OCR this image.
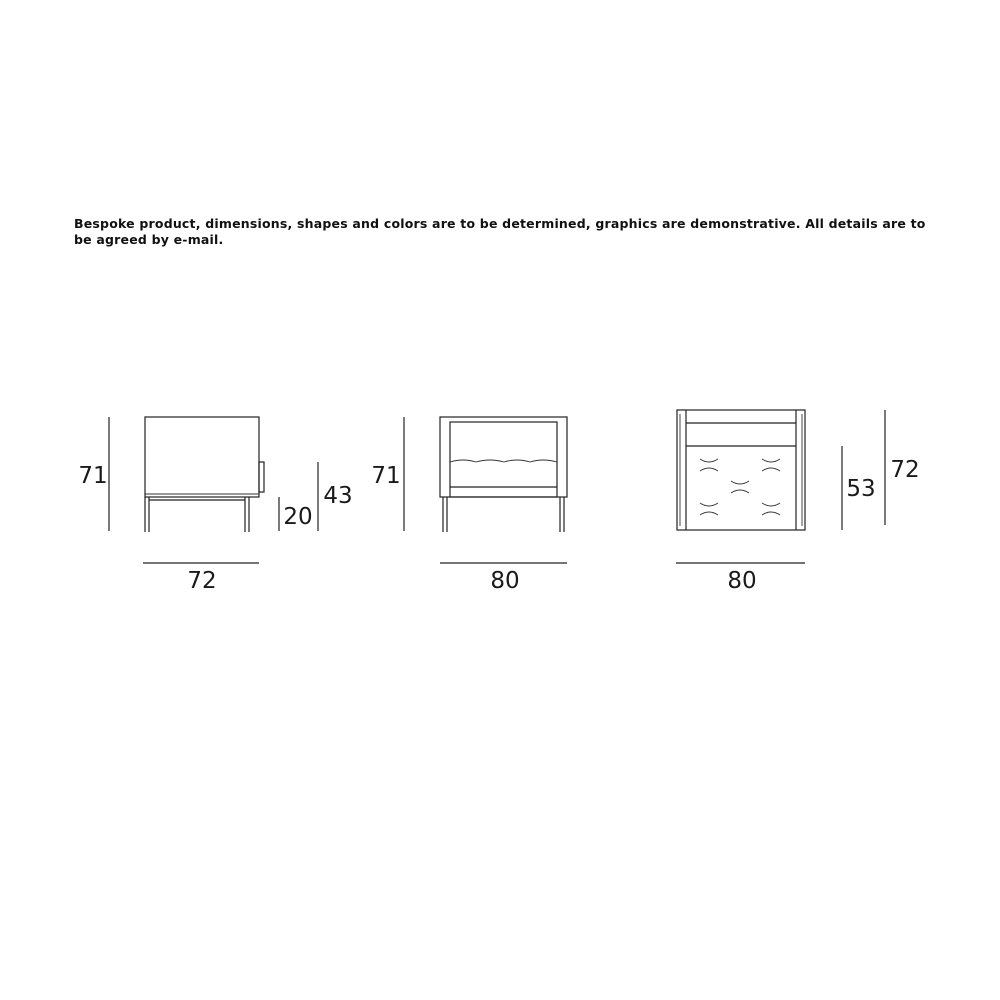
Bespoke product, dimensions, shapes and colors are to be determined, graphics are demonstrative. All details are to be agreed by e-mail.
71
20
43
72
71
80
53
72
80
